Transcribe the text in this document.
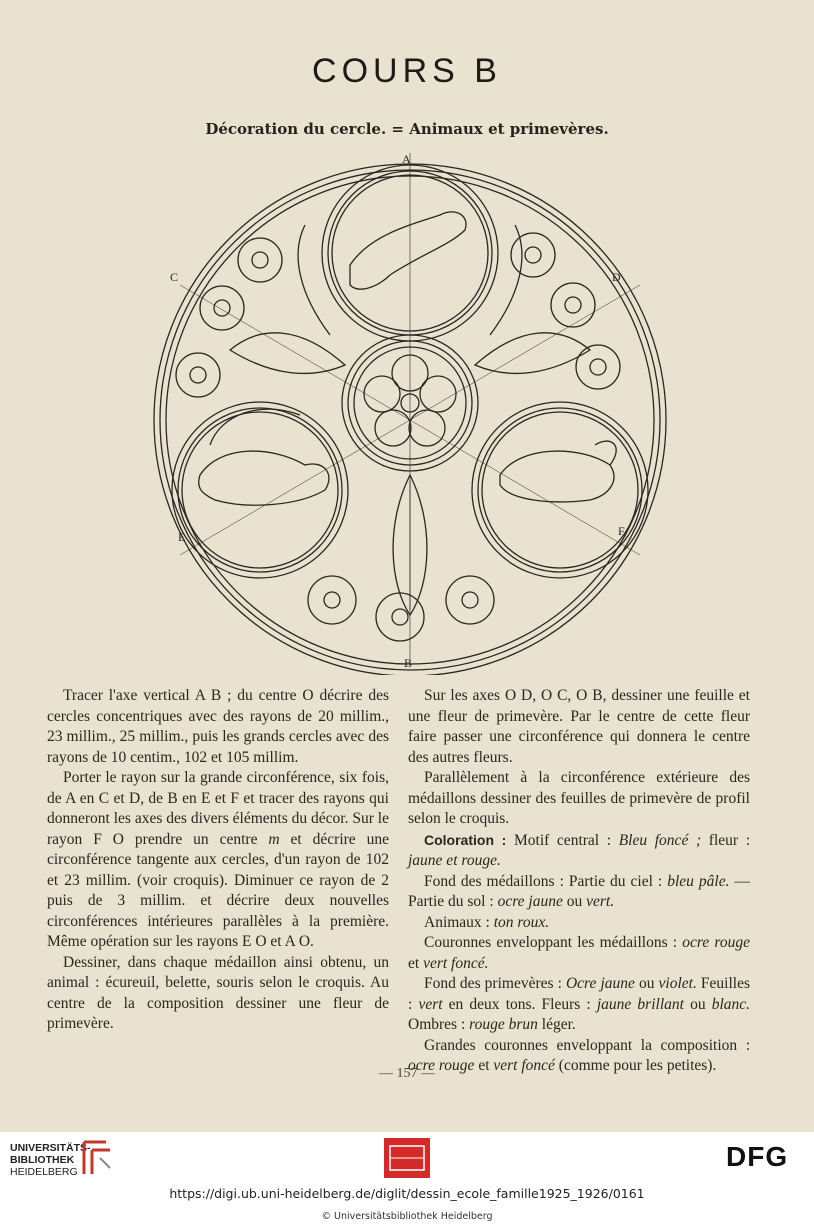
COURS B
Décoration du cercle. = Animaux et primevères.
A
B
C	D
E	F

Tracer l'axe vertical A B ; du centre O décrire des cercles concentriques avec des rayons de 20 millim., 23 millim., 25 millim., puis les grands cercles avec des rayons de 10 centim., 102 et 105 millim.

Porter le rayon sur la grande circonférence, six fois, de A en C et D, de B en E et F et tracer des rayons qui donneront les axes des divers éléments du décor. Sur le rayon F O prendre un centre m et décrire une circonférence tangente aux cercles, d'un rayon de 102 et 23 millim. (voir croquis). Diminuer ce rayon de 2 puis de 3 millim. et décrire deux nouvelles circonférences intérieures parallèles à la première. Même opération sur les rayons E O et A O.

Dessiner, dans chaque médaillon ainsi obtenu, un animal : écureuil, belette, souris selon le croquis. Au centre de la composition dessiner une fleur de primevère.

Sur les axes O D, O C, O B, dessiner une feuille et une fleur de primevère. Par le centre de cette fleur faire passer une circonférence qui donnera le centre des autres fleurs.

Parallèlement à la circonférence extérieure des médaillons dessiner des feuilles de primevère de profil selon le croquis.

Coloration : Motif central : Bleu foncé ; fleur : jaune et rouge.

Fond des médaillons : Partie du ciel : bleu pâle. — Partie du sol : ocre jaune ou vert.

Animaux : ton roux.

Couronnes enveloppant les médaillons : ocre rouge et vert foncé.

Fond des primevères : Ocre jaune ou violet. Feuilles : vert en deux tons. Fleurs : jaune brillant ou blanc. Ombres : rouge brun léger.

Grandes couronnes enveloppant la composition : ocre rouge et vert foncé (comme pour les petites).

— 157 —
UNIVERSITÄTS-
BIBLIOTHEK
HEIDELBERG	DFG
https://digi.ub.uni-heidelberg.de/diglit/dessin_ecole_famille1925_1926/0161
© Universitätsbibliothek Heidelberg
